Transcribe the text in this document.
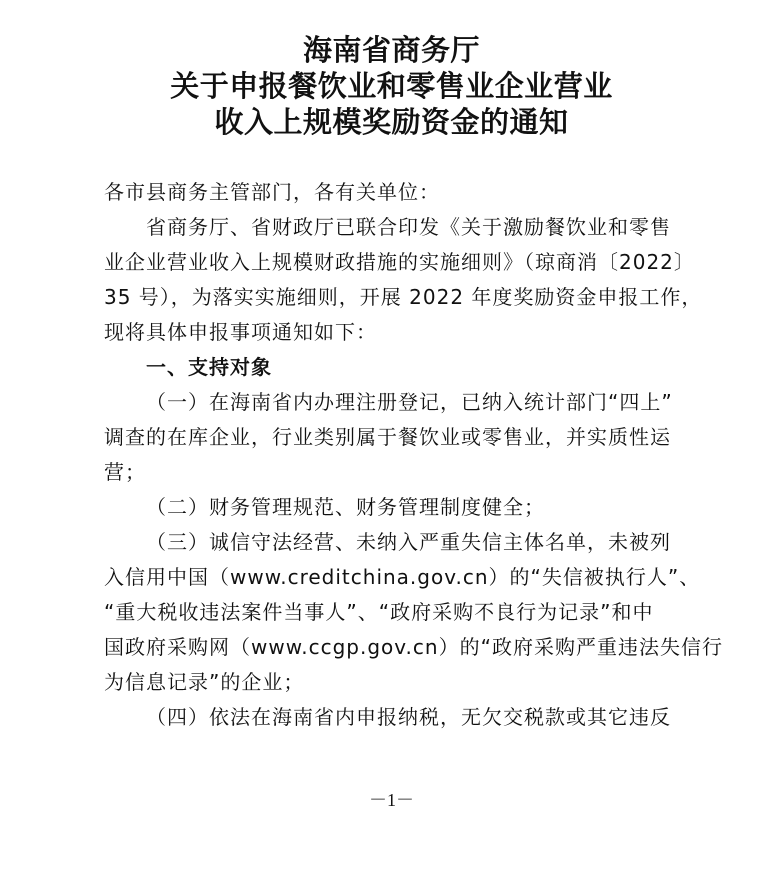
海南省商务厅
关于申报餐饮业和零售业企业营业
收入上规模奖励资金的通知

各市县商务主管部门，各有关单位：

省商务厅、省财政厅已联合印发《关于激励餐饮业和零售

业企业营业收入上规模财政措施的实施细则》（琼商消〔2022〕

35 号），为落实实施细则，开展 2022 年度奖励资金申报工作，

现将具体申报事项通知如下：

一、支持对象

（一）在海南省内办理注册登记，已纳入统计部门“四上”

调查的在库企业，行业类别属于餐饮业或零售业，并实质性运

营；

（二）财务管理规范、财务管理制度健全；

（三）诚信守法经营、未纳入严重失信主体名单，未被列

入信用中国（www.creditchina.gov.cn）的“失信被执行人”、

“重大税收违法案件当事人”、“政府采购不良行为记录”和中

国政府采购网（www.ccgp.gov.cn）的“政府采购严重违法失信行

为信息记录”的企业；

（四）依法在海南省内申报纳税，无欠交税款或其它违反

－1－
